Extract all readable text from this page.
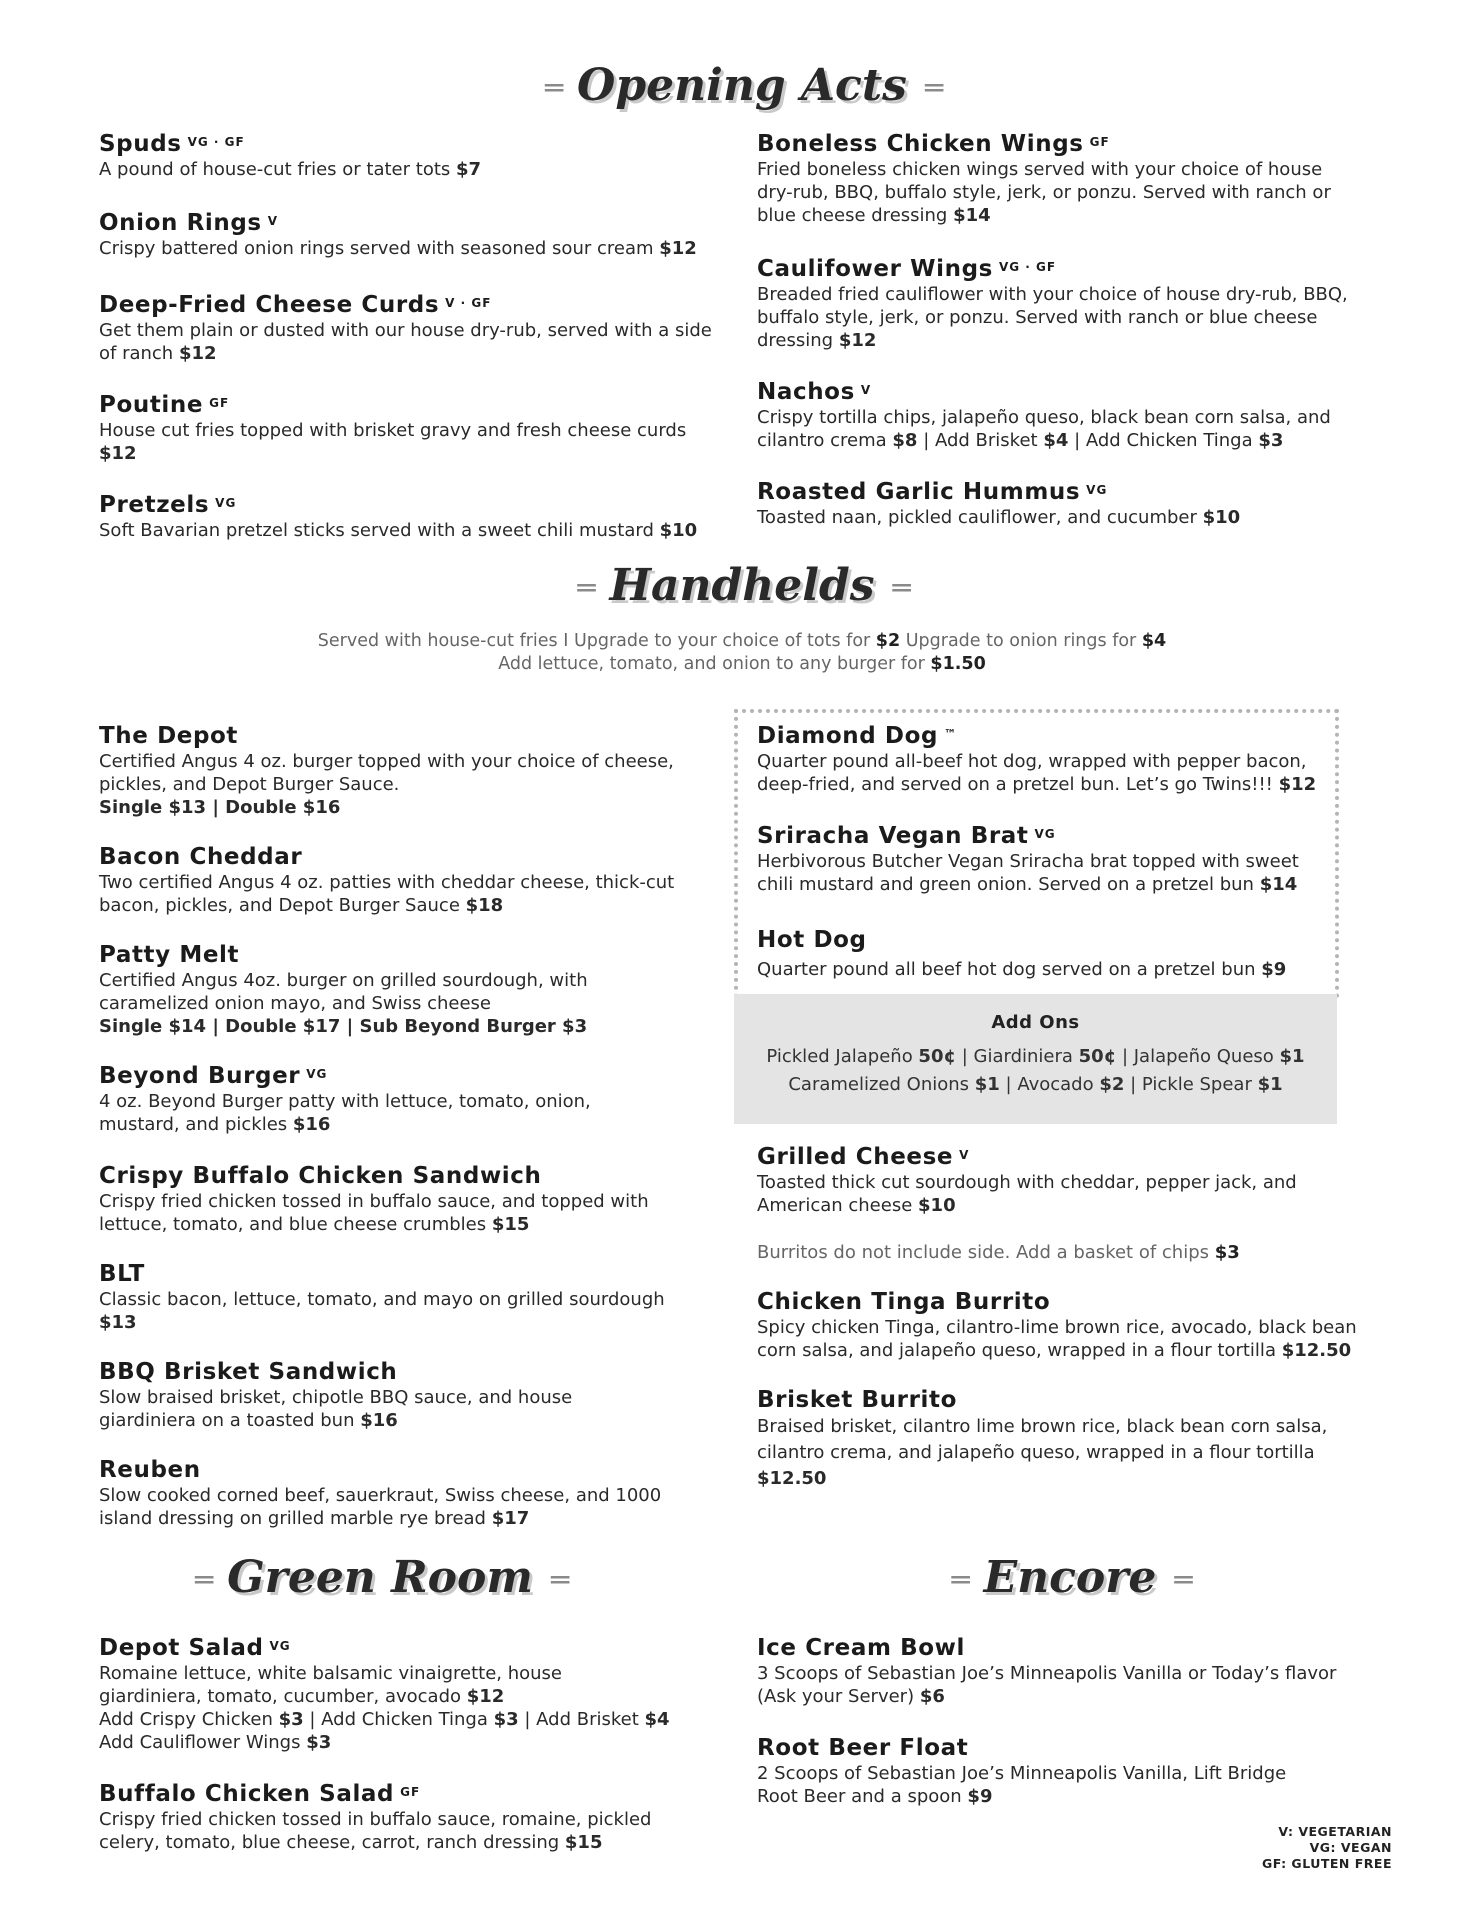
═ Opening Acts ═
Spuds $^{VG \cdot GF}$

A pound of house-cut fries or tater tots $7

Onion Rings $^V$

Crispy battered onion rings served with seasoned sour cream $12

Deep-Fried Cheese Curds $^{V \cdot GF}$

Get them plain or dusted with our house dry-rub, served with a side of ranch $12

Poutine $^{GF}$

House cut fries topped with brisket gravy and fresh cheese curds $12

Pretzels $^{VG}$

Soft Bavarian pretzel sticks served with a sweet chili mustard $10

Boneless Chicken Wings $^{GF}$

Fried boneless chicken wings served with your choice of house dry-rub, BBQ, buffalo style, jerk, or ponzu. Served with ranch or blue cheese dressing $14

Caulifower Wings $^{VG \cdot GF}$

Breaded fried cauliflower with your choice of house dry-rub, BBQ, buffalo style, jerk, or ponzu. Served with ranch or blue cheese dressing $12

Nachos $^V$

Crispy tortilla chips, jalapeño queso, black bean corn salsa, and cilantro crema $8 | Add Brisket $4 | Add Chicken Tinga $3

Roasted Garlic Hummus $^{VG}$

Toasted naan, pickled cauliflower, and cucumber $10

═ Handhelds ═
Served with house-cut fries I Upgrade to your choice of tots for $2 Upgrade to onion rings for $4
Add lettuce, tomato, and onion to any burger for $1.50
The Depot

Certified Angus 4 oz. burger topped with your choice of cheese, pickles, and Depot Burger Sauce.
Single $13 | Double $16

Bacon Cheddar

Two certified Angus 4 oz. patties with cheddar cheese, thick-cut bacon, pickles, and Depot Burger Sauce $18

Patty Melt

Certified Angus 4oz. burger on grilled sourdough, with caramelized onion mayo, and Swiss cheese
Single $14 | Double $17 | Sub Beyond Burger $3

Beyond Burger $^{VG}$

4 oz. Beyond Burger patty with lettuce, tomato, onion, mustard, and pickles $16

Crispy Buffalo Chicken Sandwich

Crispy fried chicken tossed in buffalo sauce, and topped with lettuce, tomato, and blue cheese crumbles $15

BLT

Classic bacon, lettuce, tomato, and mayo on grilled sourdough $13

BBQ Brisket Sandwich

Slow braised brisket, chipotle BBQ sauce, and house giardiniera on a toasted bun $16

Reuben

Slow cooked corned beef, sauerkraut, Swiss cheese, and 1000 island dressing on grilled marble rye bread $17

Diamond Dog ™

Quarter pound all-beef hot dog, wrapped with pepper bacon, deep-fried, and served on a pretzel bun. Let’s go Twins!!! $12

Sriracha Vegan Brat $^{VG}$

Herbivorous Butcher Vegan Sriracha brat topped with sweet chili mustard and green onion. Served on a pretzel bun $14

Hot Dog

Quarter pound all beef hot dog served on a pretzel bun $9

Add Ons

Pickled Jalapeño 50¢ | Giardiniera 50¢ | Jalapeño Queso $1

Caramelized Onions $1 | Avocado $2 | Pickle Spear $1

Grilled Cheese $^V$

Toasted thick cut sourdough with cheddar, pepper jack, and American cheese $10

Burritos do not include side. Add a basket of chips $3
Chicken Tinga Burrito

Spicy chicken Tinga, cilantro-lime brown rice, avocado, black bean corn salsa, and jalapeño queso, wrapped in a flour tortilla $12.50

Brisket Burrito

Braised brisket, cilantro lime brown rice, black bean corn salsa, cilantro crema, and jalapeño queso, wrapped in a flour tortilla $12.50

═ Green Room ═
Depot Salad $^{VG}$

Romaine lettuce, white balsamic vinaigrette, house giardiniera, tomato, cucumber, avocado $12

Add Crispy Chicken $3 | Add Chicken Tinga $3 | Add Brisket $4

Add Cauliflower Wings $3

Buffalo Chicken Salad $^{GF}$

Crispy fried chicken tossed in buffalo sauce, romaine, pickled celery, tomato, blue cheese, carrot, ranch dressing $15

═ Encore ═
Ice Cream Bowl

3 Scoops of Sebastian Joe’s Minneapolis Vanilla or Today’s flavor (Ask your Server) $6

Root Beer Float

2 Scoops of Sebastian Joe’s Minneapolis Vanilla, Lift Bridge Root Beer and a spoon $9

V: VEGETARIAN
VG: VEGAN
GF: GLUTEN FREE
